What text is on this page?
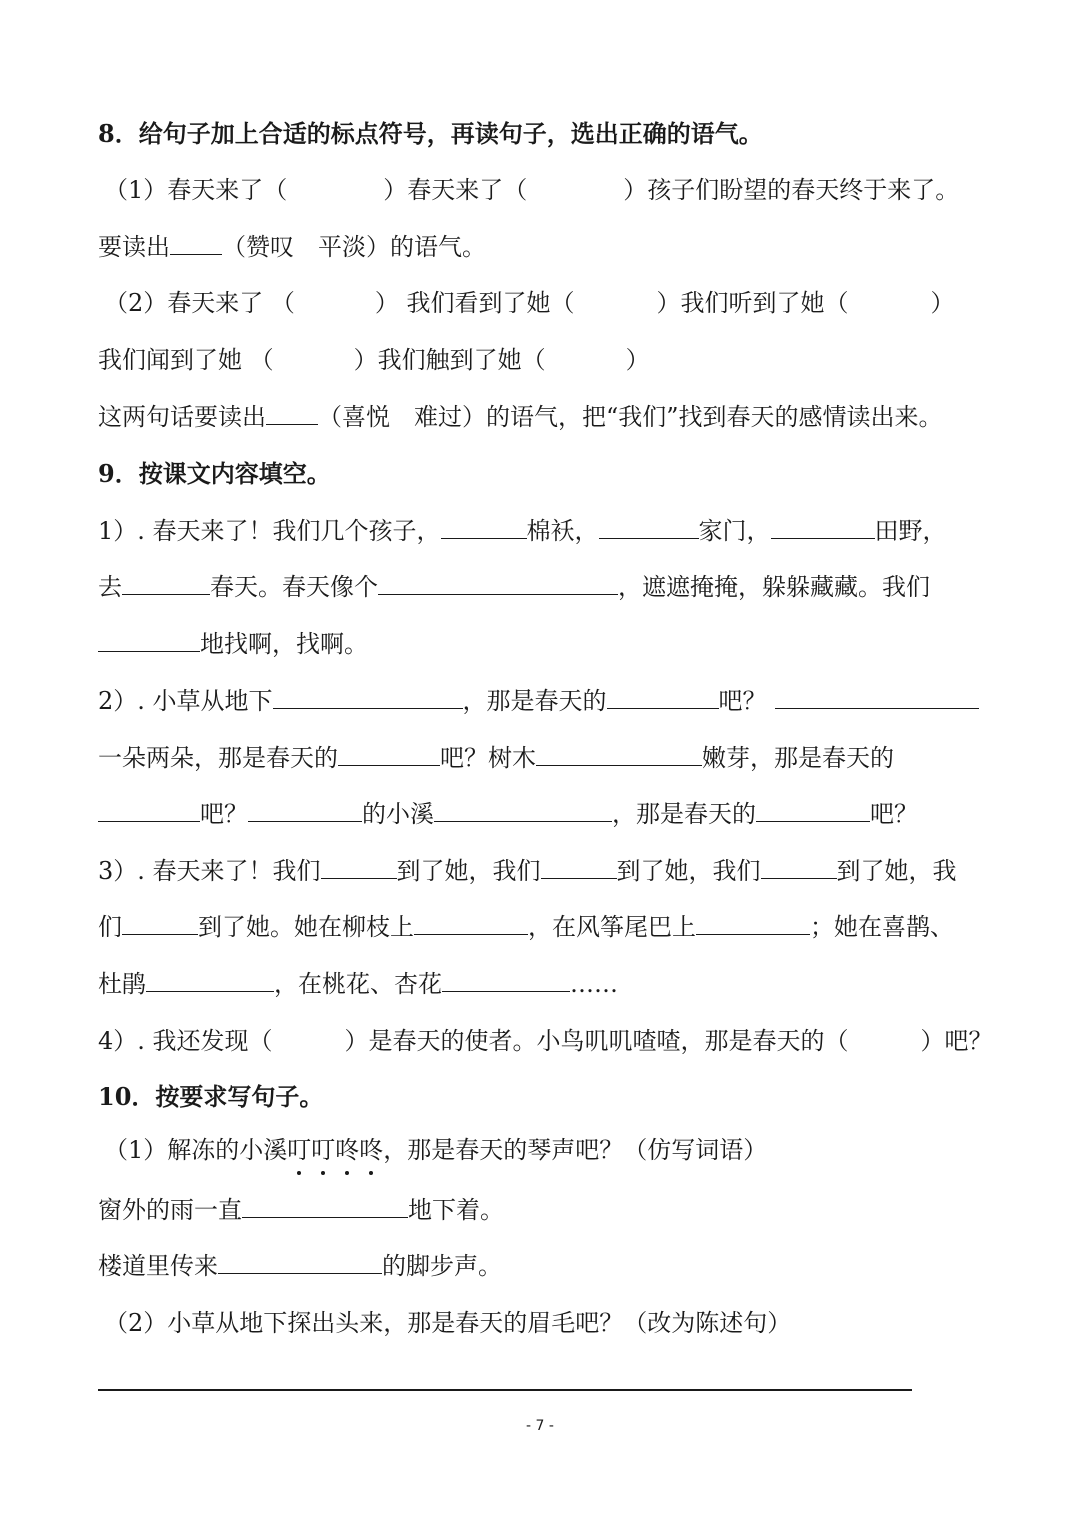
8．给句子加上合适的标点符号，再读句子，选出正确的语气。
（1）春天来了（	）春天来了（	）孩子们盼望的春天终于来了。
要读出 （赞叹　平淡）的语气。
（2）春天来了 （	） 我们看到了她（	）我们听到了她（	）
我们闻到了她 （	）我们触到了她（	）
这两句话要读出 （喜悦　难过）的语气，把“我们”找到春天的感情读出来。
9．按课文内容填空。
1）. 春天来了！我们几个孩子，	棉袄，	家门，	田野，
去	春天。春天像个	，遮遮掩掩，躲躲藏藏。我们
地找啊，找啊。
2）. 小草从地下	，那是春天的	吧？
一朵两朵，那是春天的	吧？树木	嫩芽，那是春天的
吧？	的小溪	，那是春天的	吧？
3）. 春天来了！我们	到了她，我们	到了她，我们	到了她，我
们	到了她。她在柳枝上	，在风筝尾巴上	；她在喜鹊、
杜鹃	，在桃花、杏花	……
4）. 我还发现（	）是春天的使者。小鸟叽叽喳喳，那是春天的（	）吧？
10．按要求写句子。
（1）解冻的小溪叮叮咚咚，那是春天的琴声吧？（仿写词语）
窗外的雨一直	地下着。
楼道里传来	的脚步声。
（2）小草从地下探出头来，那是春天的眉毛吧？（改为陈述句）
- 7 -
